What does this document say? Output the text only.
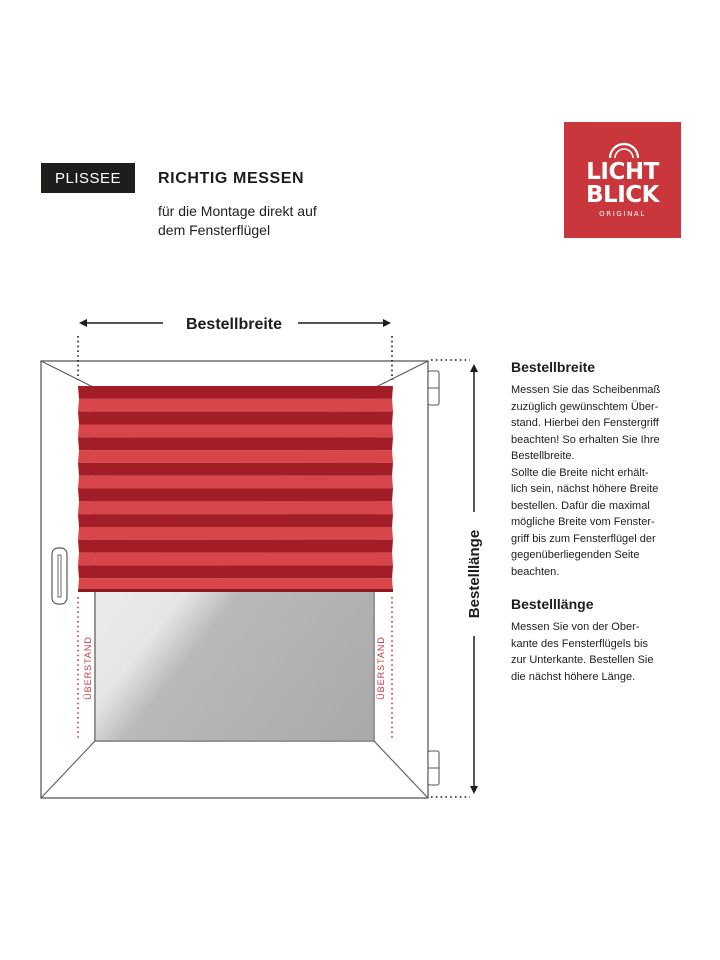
PLISSEE	RICHTIG MESSEN
für die Montage direkt auf
dem Fensterflügel
LICHT
BLICK
ORIGINAL
ÜBERSTAND	ÜBERSTAND
Bestellbreite
Bestelllänge
Bestellbreite

Messen Sie das Scheibenmaß
zuzüglich gewünschtem Über-
stand. Hierbei den Fenstergriff
beachten! So erhalten Sie Ihre
Bestellbreite.
Sollte die Breite nicht erhält-
lich sein, nächst höhere Breite
bestellen. Dafür die maximal
mögliche Breite vom Fenster-
griff bis zum Fensterflügel der
gegenüberliegenden Seite
beachten.

Bestelllänge

Messen Sie von der Ober-
kante des Fensterflügels bis
zur Unterkante. Bestellen Sie
die nächst höhere Länge.
